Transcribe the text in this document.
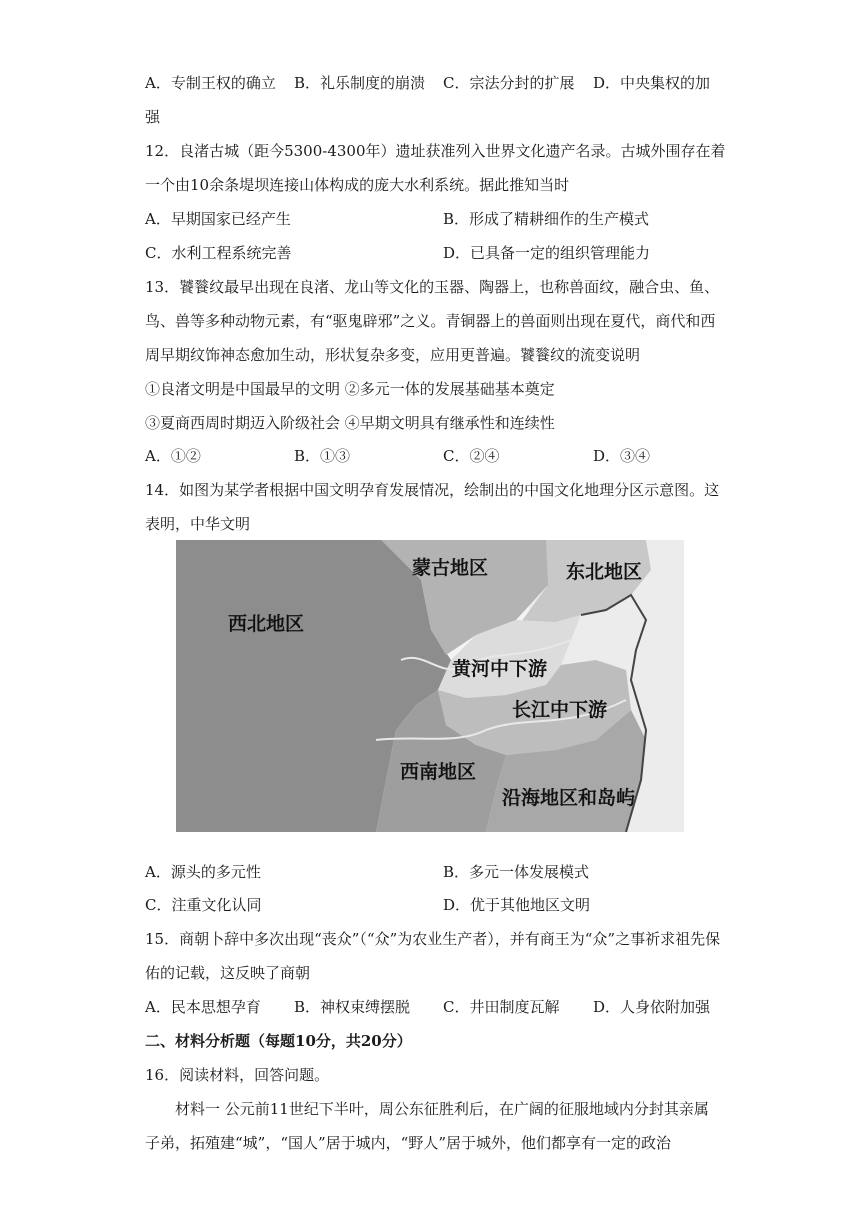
A．专制王权的确立 B．礼乐制度的崩溃 C．宗法分封的扩展 D．中央集权的加
强
12．良渚古城（距今5300-4300年）遗址获准列入世界文化遗产名录。古城外围存在着
一个由10余条堤坝连接山体构成的庞大水利系统。据此推知当时
A．早期国家已经产生	B．形成了精耕细作的生产模式
C．水利工程系统完善	D．已具备一定的组织管理能力
13．饕餮纹最早出现在良渚、龙山等文化的玉器、陶器上，也称兽面纹，融合虫、鱼、
鸟、兽等多种动物元素，有“驱鬼辟邪”之义。青铜器上的兽面则出现在夏代，商代和西
周早期纹饰神态愈加生动，形状复杂多变，应用更普遍。饕餮纹的流变说明
①良渚文明是中国最早的文明 ②多元一体的发展基础基本奠定
③夏商西周时期迈入阶级社会 ④早期文明具有继承性和连续性
A．①②	B．①③	C．②④	D．③④
14．如图为某学者根据中国文明孕育发展情况，绘制出的中国文化地理分区示意图。这
表明，中华文明
蒙古地区	东北地区
西北地区
黄河中下游
长江中下游
西南地区
沿海地区和岛屿
A．源头的多元性	B．多元一体发展模式
C．注重文化认同	D．优于其他地区文明
15．商朝卜辞中多次出现“丧众”（“众”为农业生产者），并有商王为“众”之事祈求祖先保
佑的记载，这反映了商朝
A．民本思想孕育 B．神权束缚摆脱 C．井田制度瓦解 D．人身依附加强
二、材料分析题（每题10分，共20分）
16．阅读材料，回答问题。
材料一 公元前11世纪下半叶，周公东征胜利后，在广阔的征服地域内分封其亲属
子弟，拓殖建“城”，“国人”居于城内，“野人”居于城外，他们都享有一定的政治
